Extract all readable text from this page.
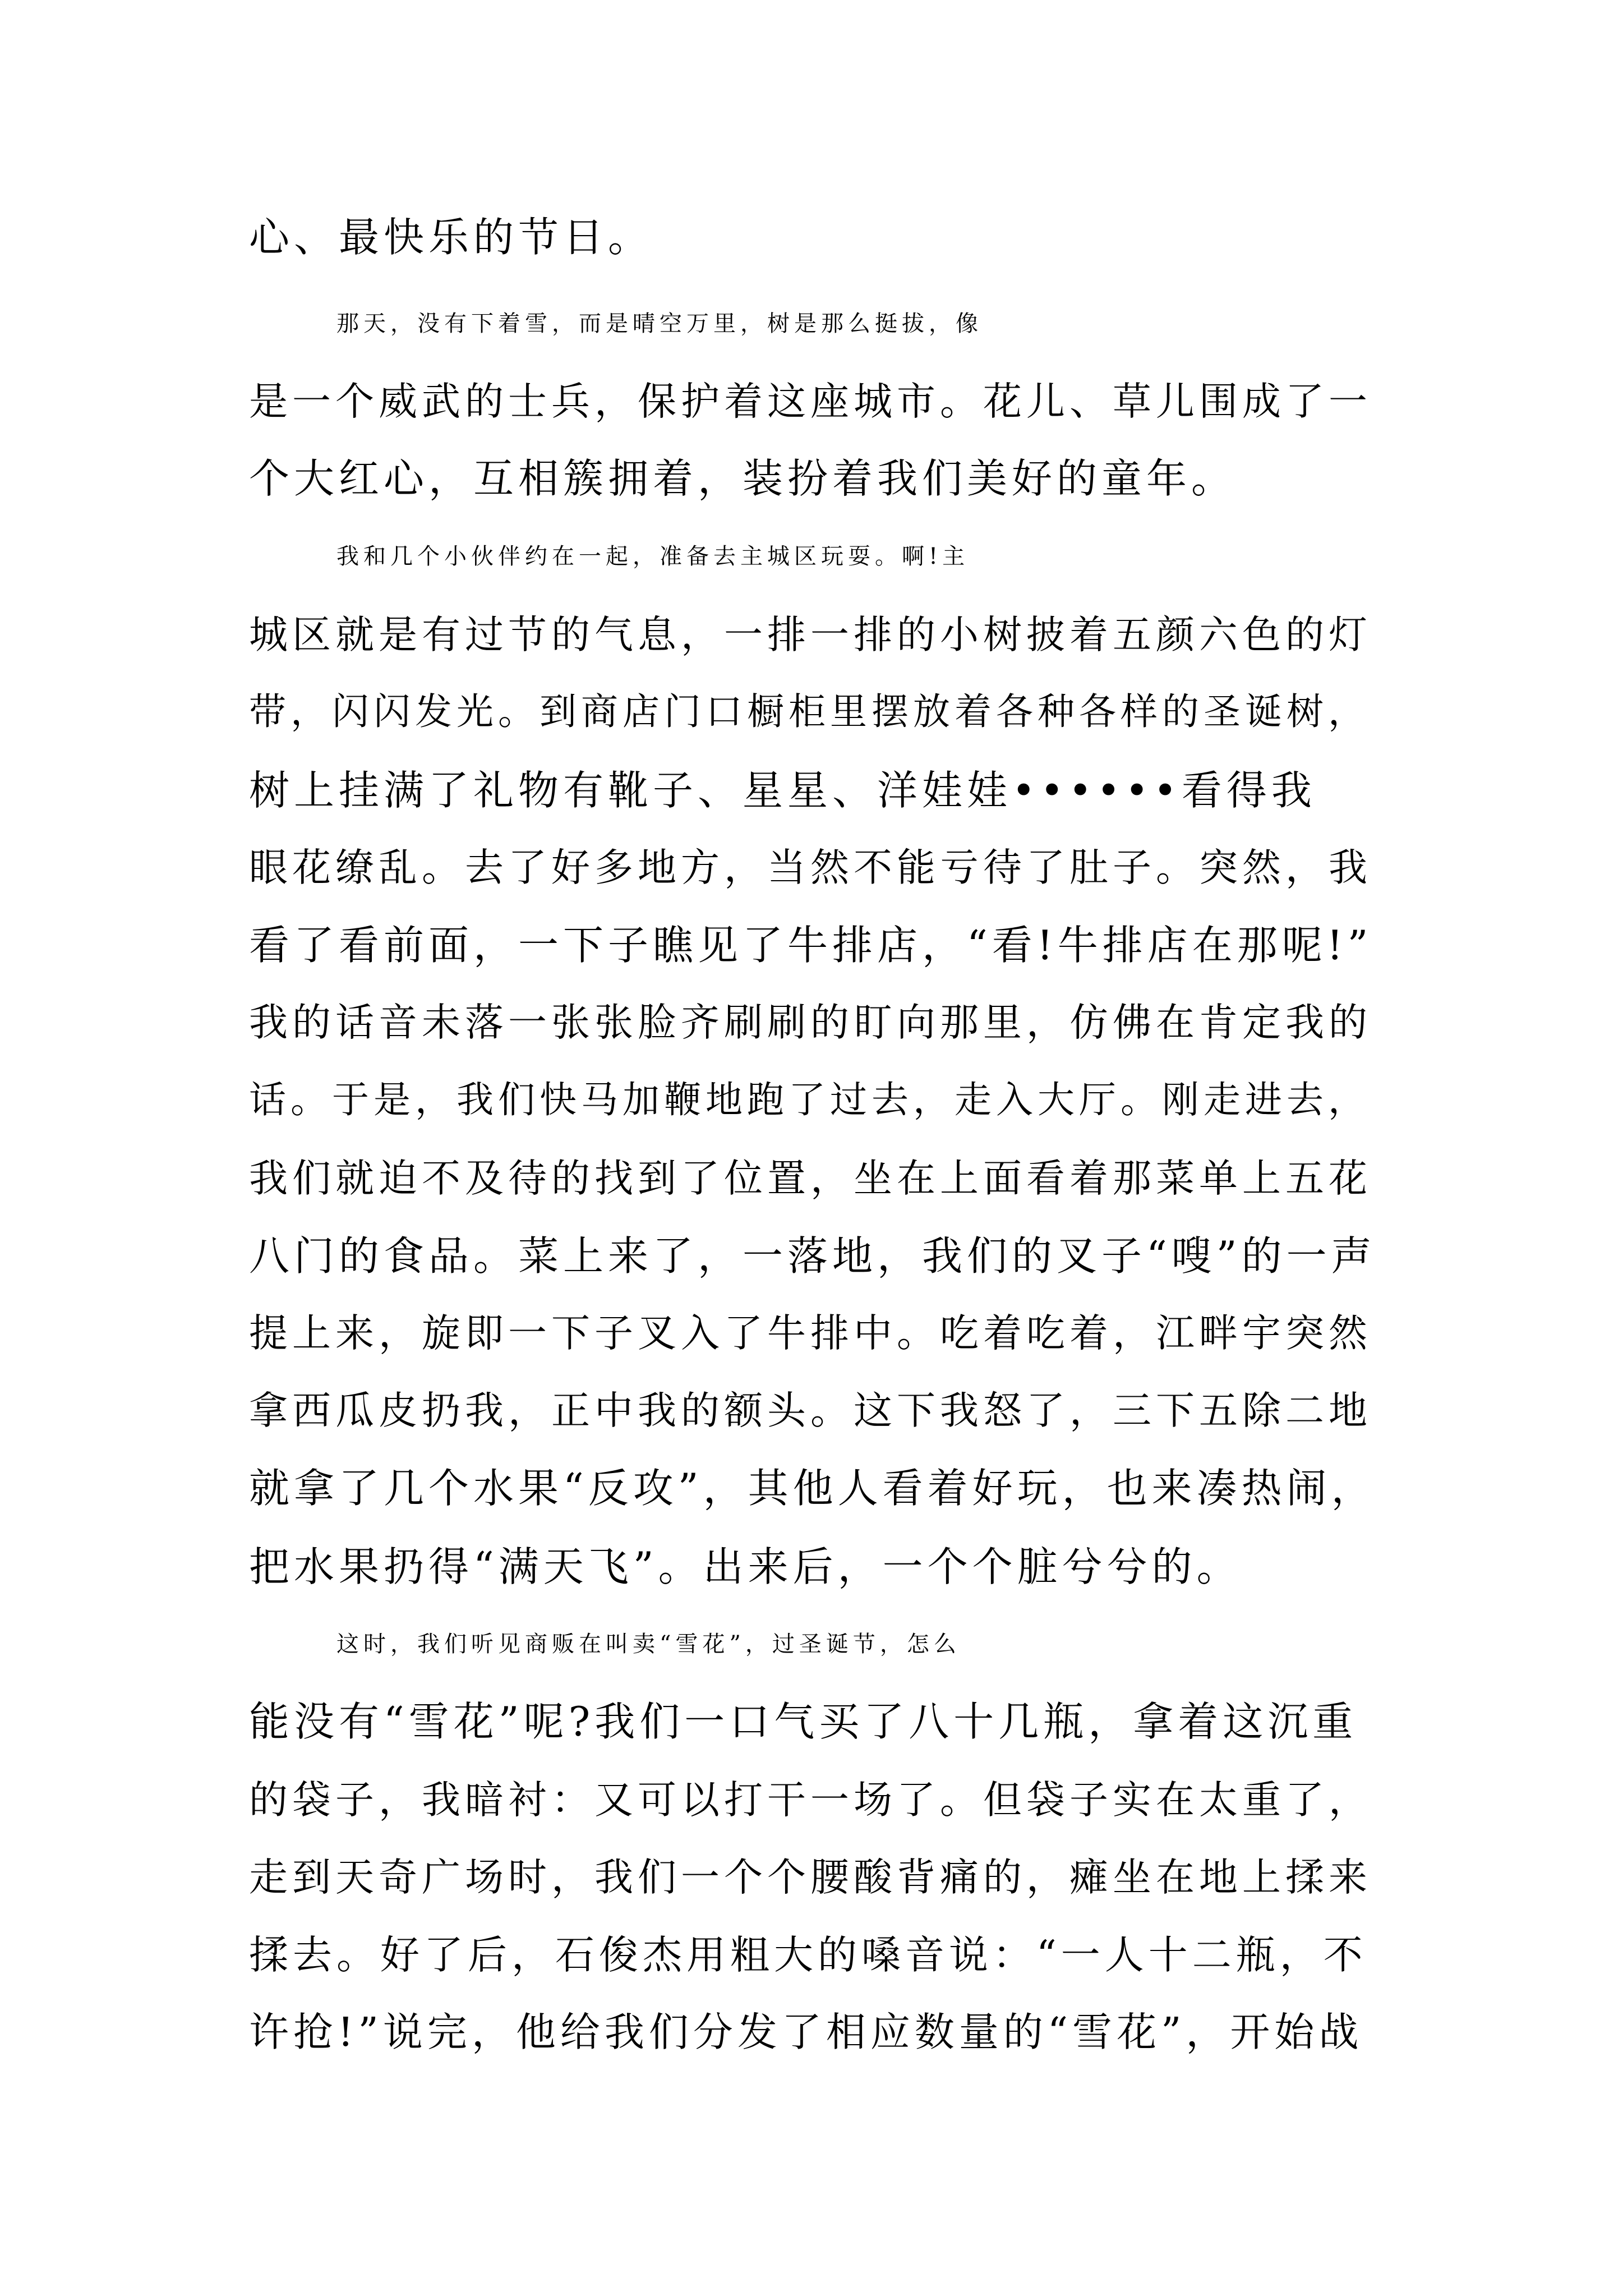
心、最快乐的节日。
那天，没有下着雪，而是晴空万里，树是那么挺拔，像
是一个威武的士兵，保护着这座城市。花儿、草儿围成了一
个大红心，互相簇拥着，装扮着我们美好的童年。
我和几个小伙伴约在一起，准备去主城区玩耍。啊!主
城区就是有过节的气息，一排一排的小树披着五颜六色的灯
带，闪闪发光。到商店门口橱柜里摆放着各种各样的圣诞树，
树上挂满了礼物有靴子、星星、洋娃娃••••••看得我
眼花缭乱。去了好多地方，当然不能亏待了肚子。突然，我
看了看前面，一下子瞧见了牛排店，“看!牛排店在那呢!”
我的话音未落一张张脸齐刷刷的盯向那里，仿佛在肯定我的
话。于是，我们快马加鞭地跑了过去，走入大厅。刚走进去，
我们就迫不及待的找到了位置，坐在上面看着那菜单上五花
八门的食品。菜上来了，一落地，我们的叉子“嗖”的一声
提上来，旋即一下子叉入了牛排中。吃着吃着，江畔宇突然
拿西瓜皮扔我，正中我的额头。这下我怒了，三下五除二地
就拿了几个水果“反攻”，其他人看着好玩，也来凑热闹，
把水果扔得“满天飞”。出来后，一个个脏兮兮的。
这时，我们听见商贩在叫卖“雪花”，过圣诞节，怎么
能没有“雪花”呢?我们一口气买了八十几瓶，拿着这沉重
的袋子，我暗衬：又可以打干一场了。但袋子实在太重了，
走到天奇广场时，我们一个个腰酸背痛的，瘫坐在地上揉来
揉去。好了后，石俊杰用粗大的嗓音说：“一人十二瓶，不
许抢!”说完，他给我们分发了相应数量的“雪花”，开始战
